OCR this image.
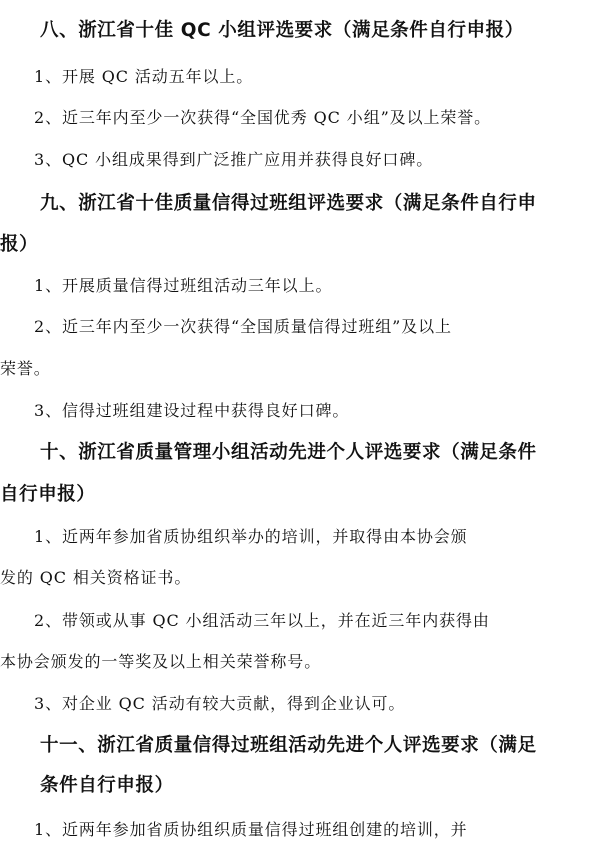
八、浙江省十佳 QC 小组评选要求（满足条件自行申报）
1、开展 QC 活动五年以上。
2、近三年内至少一次获得“全国优秀 QC 小组”及以上荣誉。
3、QC 小组成果得到广泛推广应用并获得良好口碑。
九、浙江省十佳质量信得过班组评选要求（满足条件自行申
报）
1、开展质量信得过班组活动三年以上。
2、近三年内至少一次获得“全国质量信得过班组”及以上
荣誉。
3、信得过班组建设过程中获得良好口碑。
十、浙江省质量管理小组活动先进个人评选要求（满足条件
自行申报）
1、近两年参加省质协组织举办的培训，并取得由本协会颁
发的 QC 相关资格证书。
2、带领或从事 QC 小组活动三年以上，并在近三年内获得由
本协会颁发的一等奖及以上相关荣誉称号。
3、对企业 QC 活动有较大贡献，得到企业认可。
十一、浙江省质量信得过班组活动先进个人评选要求（满足
条件自行申报）
1、近两年参加省质协组织质量信得过班组创建的培训，并
